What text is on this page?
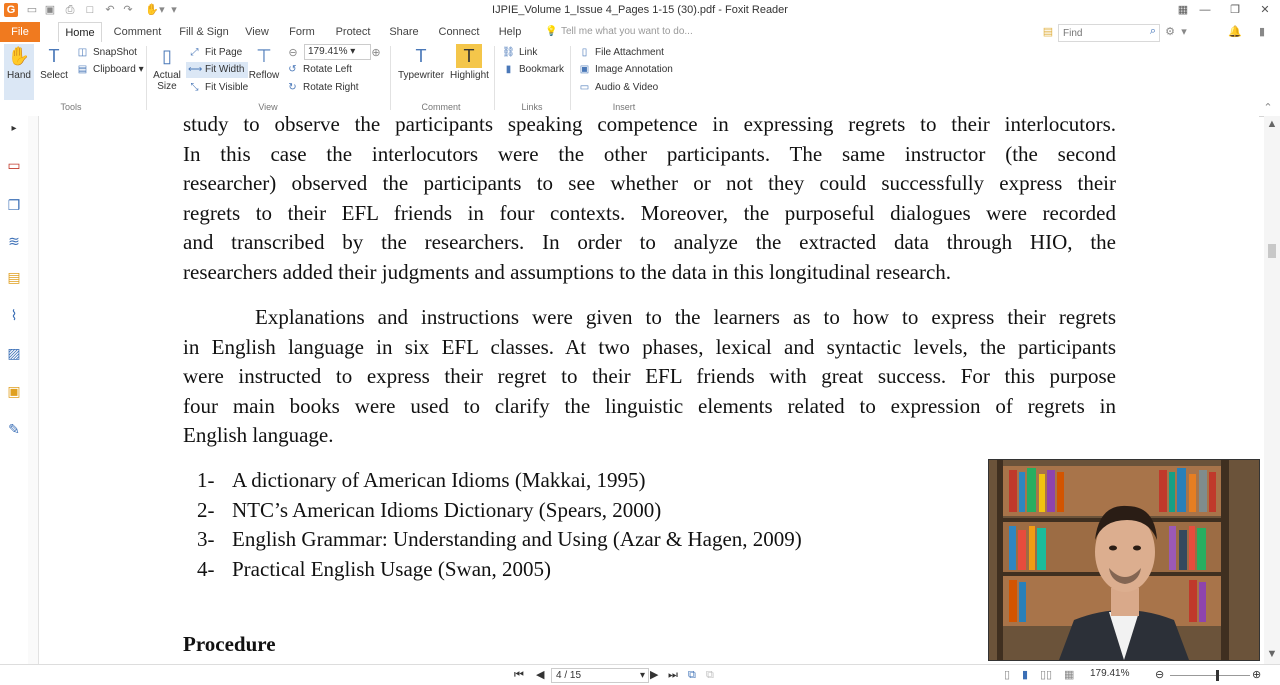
G ▭ ▣ ⎙ □ ↶ ↷ ✋▾ ▾	IJPIE_Volume 1_Issue 4_Pages 1-15 (30).pdf - Foxit Reader	▦	—	❐	✕
File	Home	Comment	Fill & Sign View Form Protect Share Connect Help 💡 Tell me what you want to do...	▤
Find	⌕ ⚙ ▾	🔔 ▮
✋
Hand
T
Select
◫ SnapShot
▤ Clipboard ▾
Tools
▯
Actual
Size
⤢ Fit Page
⟷ Fit Width
⤡ Fit Visible
⊤
Reflow
⊖	179.41% ▾	⊕
↺ Rotate Left
↻ Rotate Right
View
T
Typewriter
T
Highlight
Comment
⛓ Link
▮ Bookmark
Links
▯ File Attachment
▣ Image Annotation
▭ Audio & Video
Insert	⌃
▸
▭
❐
≋
▤
⌇
▨
▣
✎
study to observe the participants speaking competence in expressing regrets to their interlocutors.
In this case the interlocutors were the other participants. The same instructor (the second
researcher) observed the participants to see whether or not they could successfully express their
regrets to their EFL friends in four contexts. Moreover, the purposeful dialogues were recorded
and transcribed by the researchers. In order to analyze the extracted data through HIO, the
researchers added their judgments and assumptions to the data in this longitudinal research.
Explanations and instructions were given to the learners as to how to express their regrets
in English language in six EFL classes. At two phases, lexical and syntactic levels, the participants
were instructed to express their regret to their EFL friends with great success. For this purpose
four main books were used to clarify the linguistic elements related to expression of regrets in
English language.
1- A dictionary of American Idioms (Makkai, 1995)
2- NTC’s American Idioms Dictionary (Spears, 2000)
3- English Grammar: Understanding and Using (Azar & Hagen, 2009)
4- Practical English Usage (Swan, 2005)
Procedure
▲
▼
⏮ ◀	4 / 15	▾ ▶ ⏭ ⧉ ⧉	▯ ▮ ▯▯ ▦ 179.41% ⊖	⊕
